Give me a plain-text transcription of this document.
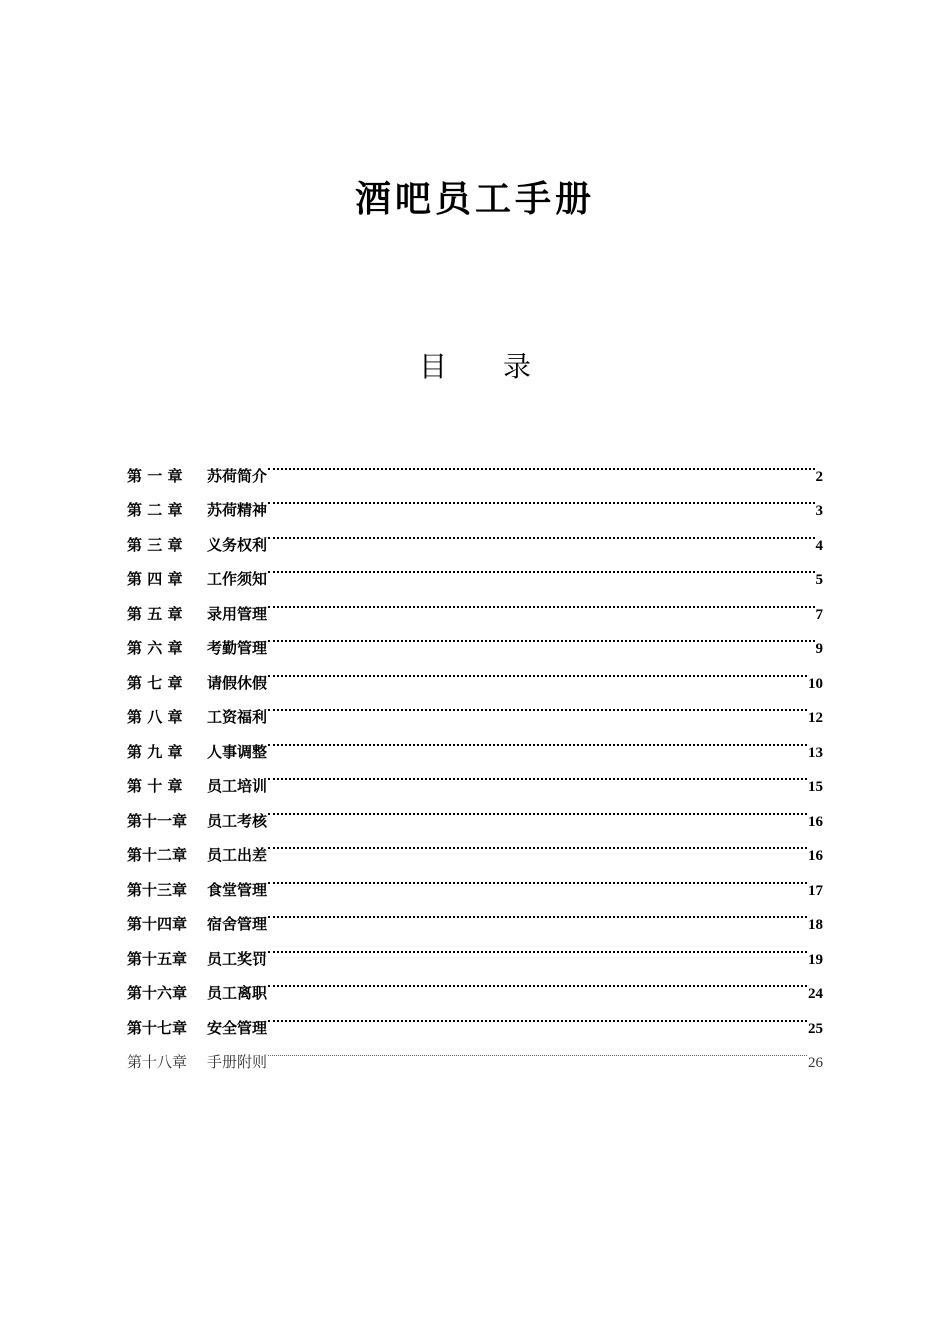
酒吧员工手册
目 录
第 一 章	苏荷简介	2
第 二 章	苏荷精神	3
第 三 章	义务权利	4
第 四 章	工作须知	5
第 五 章	录用管理	7
第 六 章	考勤管理	9
第 七 章	请假休假	10
第 八 章	工资福利	12
第 九 章	人事调整	13
第 十 章	员工培训	15
第十一章	员工考核	16
第十二章	员工出差	16
第十三章	食堂管理	17
第十四章	宿舍管理	18
第十五章	员工奖罚	19
第十六章	员工离职	24
第十七章	安全管理	25
第十八章	手册附则	26
